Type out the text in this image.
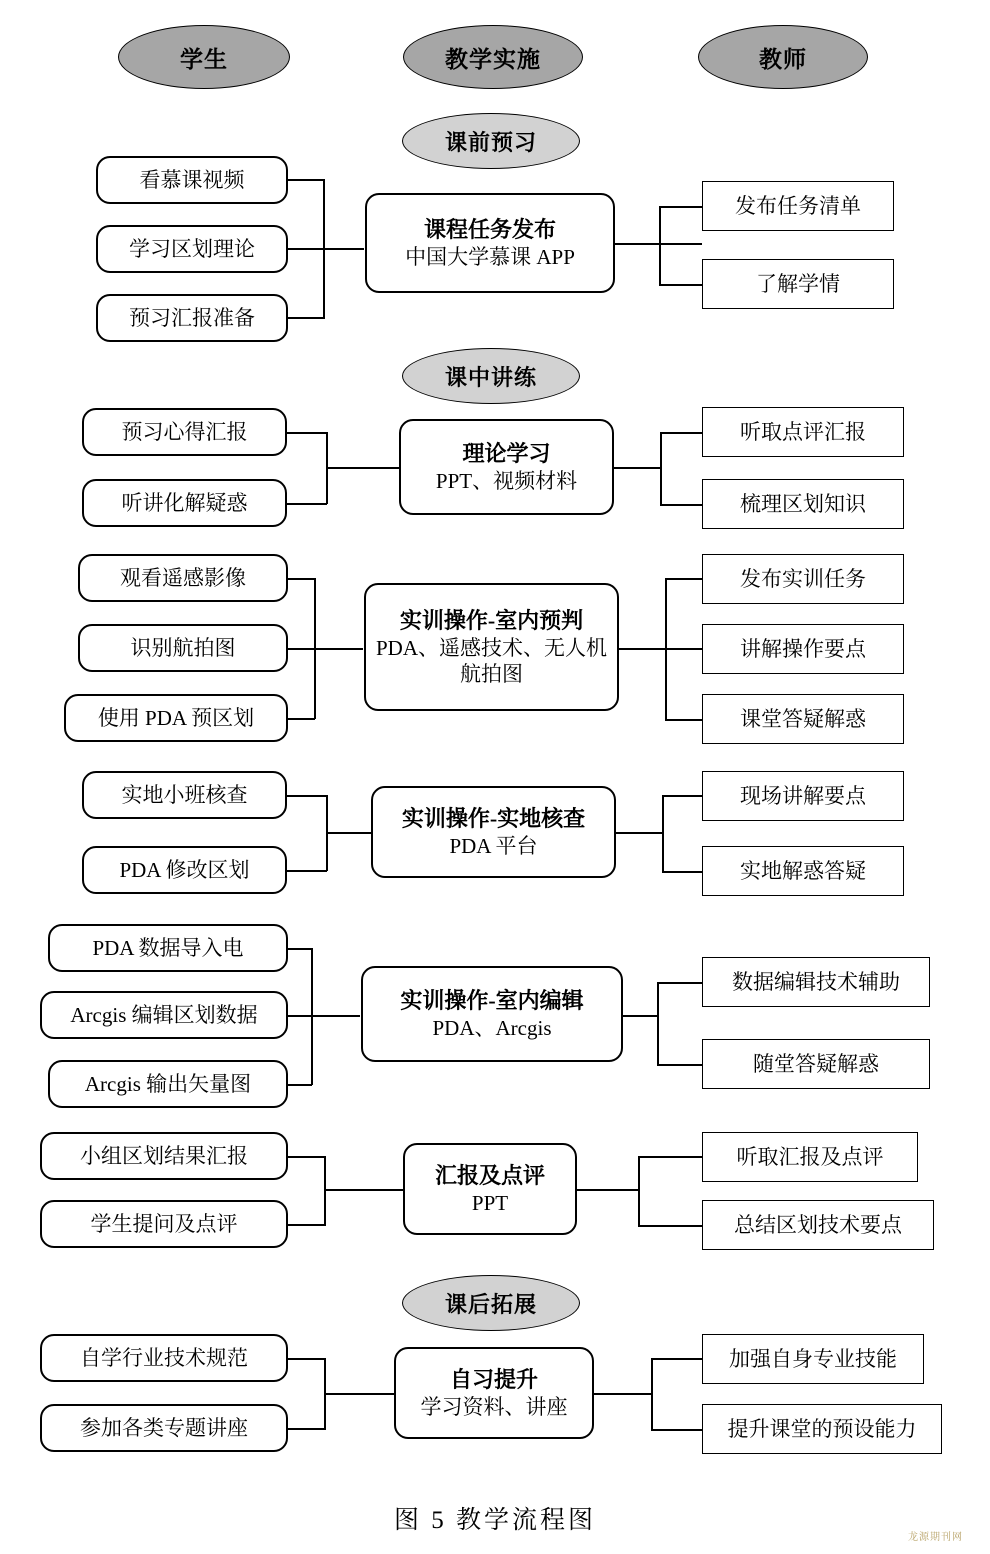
学生	教学实施	教师
课前预习
看慕课视频
学习区划理论
预习汇报准备
课程任务发布
中国大学慕课 APP
发布任务清单
了解学情
课中讲练
预习心得汇报
听讲化解疑惑
理论学习
PPT、视频材料
听取点评汇报
梳理区划知识
观看遥感影像
识别航拍图
使用 PDA 预区划
实训操作-室内预判
PDA、遥感技术、无人机航拍图
发布实训任务
讲解操作要点
课堂答疑解惑
实地小班核查
PDA 修改区划
实训操作-实地核查
PDA 平台
现场讲解要点
实地解惑答疑
PDA 数据导入电
Arcgis 编辑区划数据
Arcgis 输出矢量图
实训操作-室内编辑
PDA、Arcgis
数据编辑技术辅助
随堂答疑解惑
小组区划结果汇报
学生提问及点评
汇报及点评
PPT
听取汇报及点评
总结区划技术要点
课后拓展
自学行业技术规范
参加各类专题讲座
自习提升
学习资料、讲座
加强自身专业技能
提升课堂的预设能力
图 5 教学流程图
龙源期刊网
